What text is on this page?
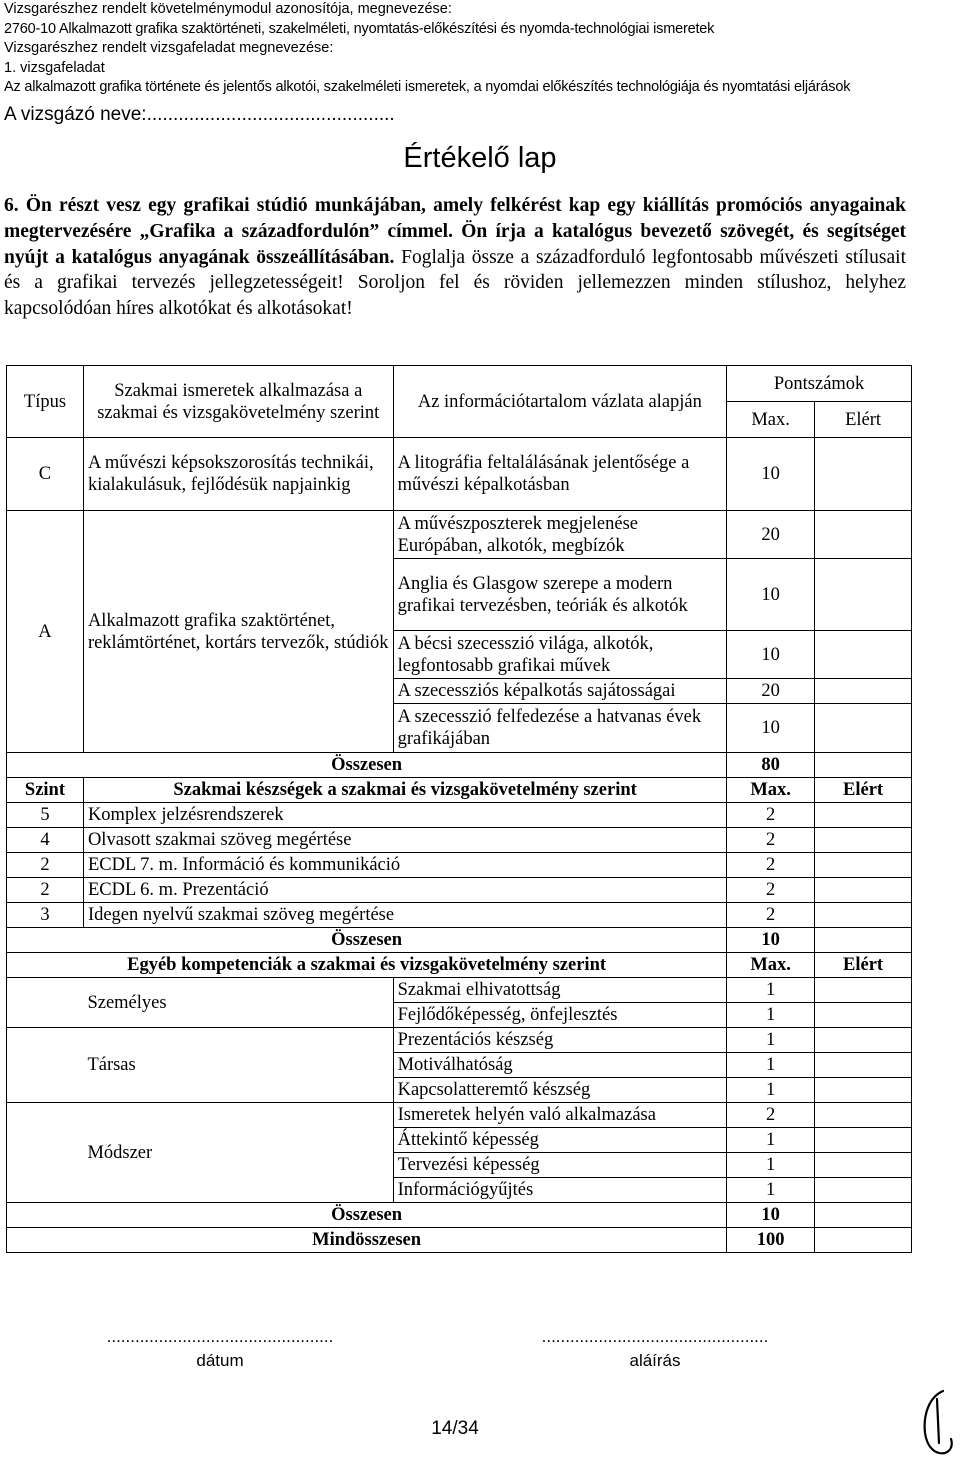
Vizsgarészhez rendelt követelménymodul azonosítója, megnevezése:
2760-10 Alkalmazott grafika szaktörténeti, szakelméleti, nyomtatás-előkészítési és nyomda-technológiai ismeretek
Vizsgarészhez rendelt vizsgafeladat megnevezése:
1. vizsgafeladat
Az alkalmazott grafika története és jelentős alkotói, szakelméleti ismeretek, a nyomdai előkészítés technológiája és nyomtatási eljárások
A vizsgázó neve:...............................................
Értékelő lap
6. Ön részt vesz egy grafikai stúdió munkájában, amely felkérést kap egy kiállítás promóciós anyagainak megtervezésére „Grafika a századfordulón” címmel. Ön írja a katalógus bevezető szövegét, és segítséget nyújt a katalógus anyagának összeállításában. Foglalja össze a századforduló legfontosabb művészeti stílusait és a grafikai tervezés jellegzetességeit! Soroljon fel és röviden jellemezzen minden stílushoz, helyhez kapcsolódóan híres alkotókat és alkotásokat!
Típus	Szakmai ismeretek alkalmazása a szakmai és vizsgakövetelmény szerint	Az információtartalom vázlata alapján	Pontszámok	
			Max.	Elért
C	A művészi képsokszorosítás technikái, kialakulásuk, fejlődésük napjainkig	A litográfia feltalálásának jelentősége a művészi képalkotásban	10	
A	Alkalmazott grafika szaktörténet, reklámtörténet, kortárs tervezők, stúdiók	A művészposzterek megjelenése Európában, alkotók, megbízók	20	
		Anglia és Glasgow szerepe a modern grafikai tervezésben, teóriák és alkotók	10	
		A bécsi szecesszió világa, alkotók, legfontosabb grafikai művek	10	
		A szecessziós képalkotás sajátosságai	20	
		A szecesszió felfedezése a hatvanas évek grafikájában	10	
Összesen			80	
Szint	Szakmai készségek a szakmai és vizsgakövetelmény szerint		Max.	Elért
5	Komplex jelzésrendszerek		2	
4	Olvasott szakmai szöveg megértése		2	
2	ECDL 7. m. Információ és kommunikáció		2	
2	ECDL 6. m. Prezentáció		2	
3	Idegen nyelvű szakmai szöveg megértése		2	
Összesen			10	
Egyéb kompetenciák a szakmai és vizsgakövetelmény szerint			Max.	Elért
	Személyes	Szakmai elhivatottság	1	
		Fejlődőképesség, önfejlesztés	1	
	Társas	Prezentációs készség	1	
		Motiválhatóság	1	
		Kapcsolatteremtő készség	1	
	Módszer	Ismeretek helyén való alkalmazása	2	
		Áttekintő képesség	1	
		Tervezési képesség	1	
		Információgyűjtés	1	
Összesen			10	
Mindösszesen			100	
................................................
dátum
................................................
aláírás
14/34
